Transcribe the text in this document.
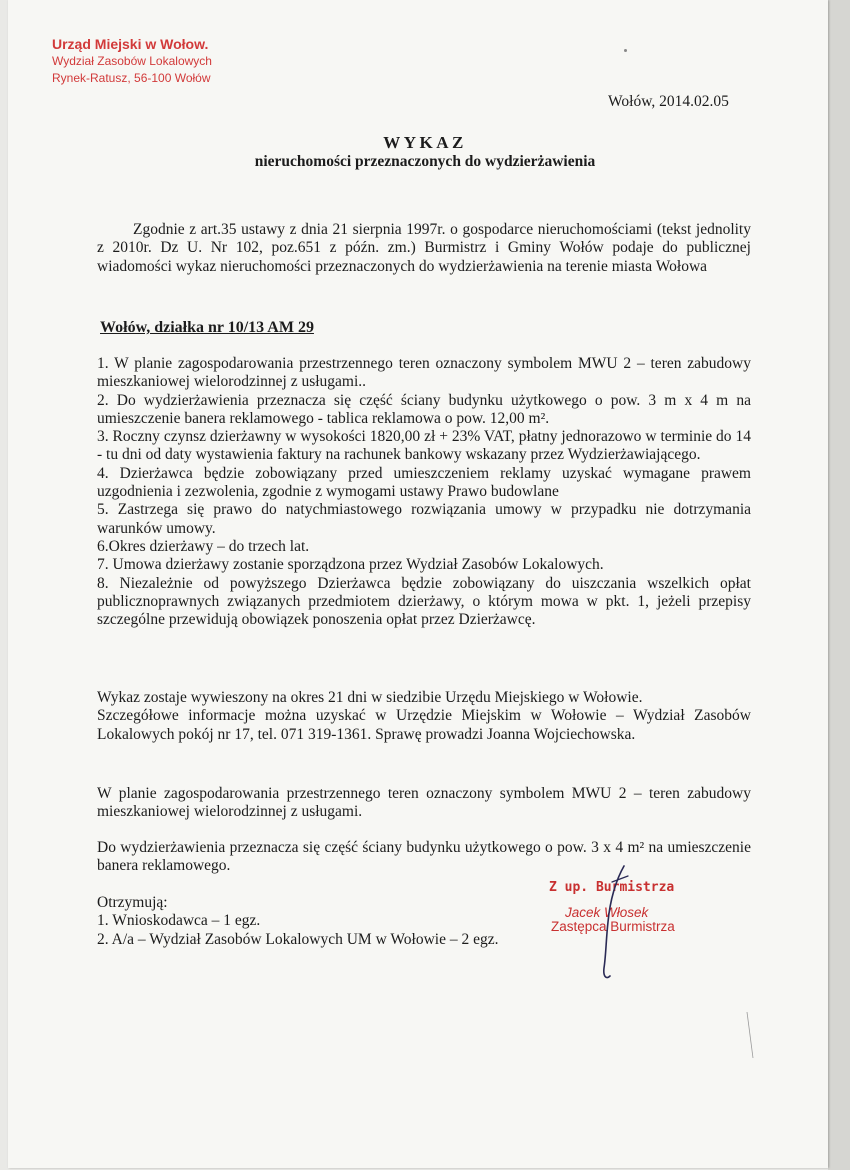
Urząd Miejski w Wołow.
Wydział Zasobów Lokalowych
Rynek-Ratusz, 56-100 Wołów
Wołów, 2014.02.05
WYKAZ
nieruchomości przeznaczonych do wydzierżawienia
Zgodnie z art.35 ustawy z dnia 21 sierpnia 1997r. o gospodarce nieruchomościami (tekst jednolity z 2010r. Dz U. Nr 102, poz.651 z późn. zm.) Burmistrz i Gminy Wołów podaje do publicznej wiadomości wykaz nieruchomości przeznaczonych do wydzierżawienia na terenie miasta Wołowa
Wołów, działka nr 10/13 AM 29

1. W planie zagospodarowania przestrzennego teren oznaczony symbolem MWU 2 – teren zabudowy mieszkaniowej wielorodzinnej z usługami..

2. Do wydzierżawienia przeznacza się część ściany budynku użytkowego o pow. 3 m x 4 m na umieszczenie banera reklamowego - tablica reklamowa o pow. 12,00 m².

3. Roczny czynsz dzierżawny w wysokości 1820,00 zł + 23% VAT, płatny jednorazowo w terminie do 14 - tu dni od daty wystawienia faktury na rachunek bankowy wskazany przez Wydzierżawiającego.

4. Dzierżawca będzie zobowiązany przed umieszczeniem reklamy uzyskać wymagane prawem uzgodnienia i zezwolenia, zgodnie z wymogami ustawy Prawo budowlane

5. Zastrzega się prawo do natychmiastowego rozwiązania umowy w przypadku nie dotrzymania warunków umowy.

6.Okres dzierżawy – do trzech lat.

7. Umowa dzierżawy zostanie sporządzona przez Wydział Zasobów Lokalowych.

8. Niezależnie od powyższego Dzierżawca będzie zobowiązany do uiszczania wszelkich opłat publicznoprawnych związanych przedmiotem dzierżawy, o którym mowa w pkt. 1, jeżeli przepisy szczególne przewidują obowiązek ponoszenia opłat przez Dzierżawcę.

Wykaz zostaje wywieszony na okres 21 dni w siedzibie Urzędu Miejskiego w Wołowie.

Szczegółowe informacje można uzyskać w Urzędzie Miejskim w Wołowie – Wydział Zasobów Lokalowych pokój nr 17, tel. 071 319-1361. Sprawę prowadzi Joanna Wojciechowska.

W planie zagospodarowania przestrzennego teren oznaczony symbolem MWU 2 – teren zabudowy mieszkaniowej wielorodzinnej z usługami.
Do wydzierżawienia przeznacza się część ściany budynku użytkowego o pow. 3 x 4 m² na umieszczenie banera reklamowego.

Otrzymują:

1. Wnioskodawca – 1 egz.

2. A/a – Wydział Zasobów Lokalowych UM w Wołowie – 2 egz.

Z up. Burmistrza
Jacek Włosek
Zastępca Burmistrza
